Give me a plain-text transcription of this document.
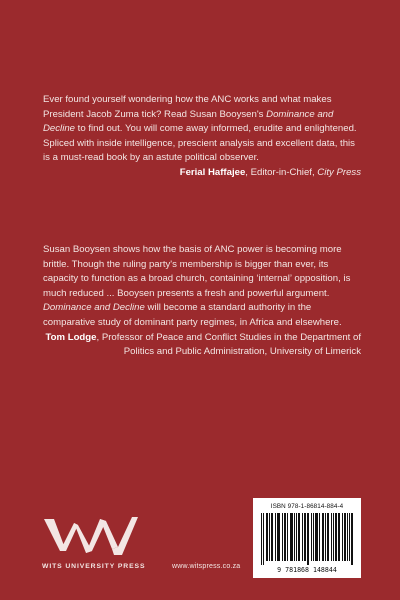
Ever found yourself wondering how the ANC works and what makes President Jacob Zuma tick? Read Susan Booysen's Dominance and Decline to find out. You will come away informed, erudite and enlightened. Spliced with inside intelligence, prescient analysis and excellent data, this is a must-read book by an astute political observer.

Ferial Haffajee, Editor-in-Chief, City Press

Susan Booysen shows how the basis of ANC power is becoming more brittle. Though the ruling party's membership is bigger than ever, its capacity to function as a broad church, containing ‘internal’ opposition, is much reduced ... Booysen presents a fresh and powerful argument. Dominance and Decline will become a standard authority in the comparative study of dominant party regimes, in Africa and elsewhere.

Tom Lodge, Professor of Peace and Conflict Studies in the Department of Politics and Public Administration, University of Limerick

WITS UNIVERSITY PRESS	www.witspress.co.za
ISBN 978-1-86814-884-4
9 781868 148844
